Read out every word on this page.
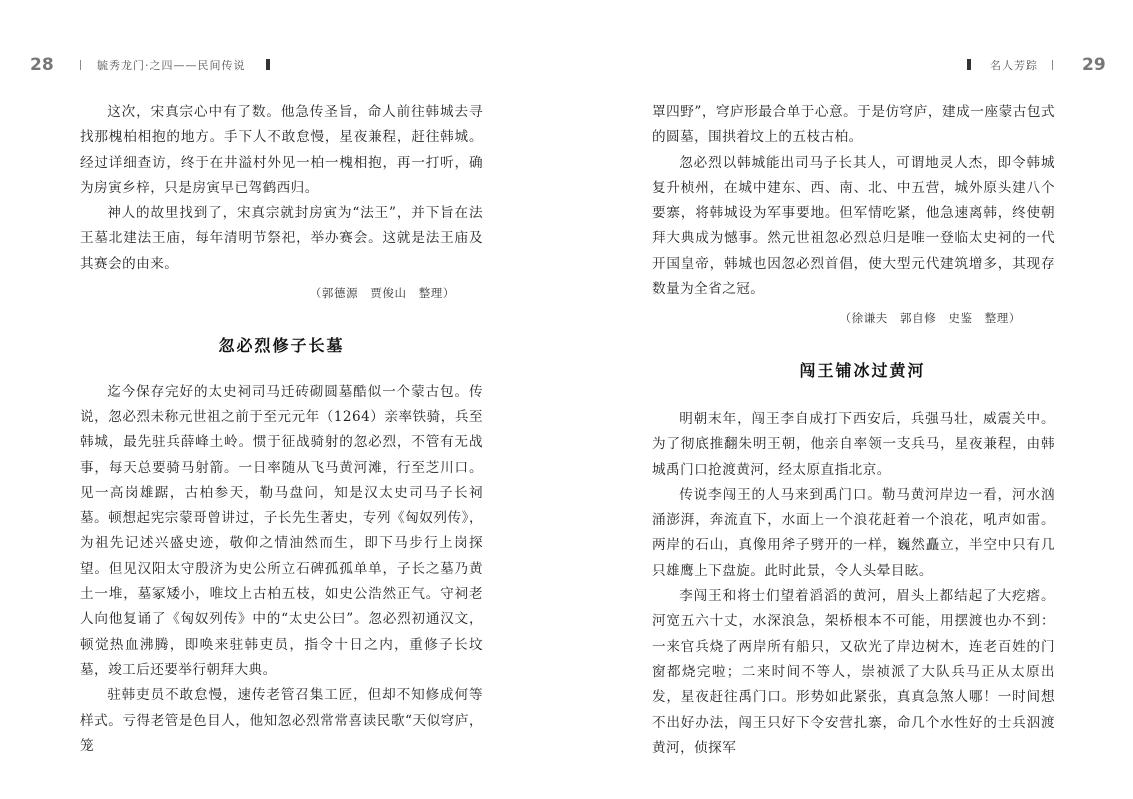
28	毓秀龙门·之四——民间传说	名人芳踪	29
这次，宋真宗心中有了数。他急传圣旨，命人前往韩城去寻找那槐柏相抱的地方。手下人不敢怠慢，星夜兼程，赶往韩城。经过详细查访，终于在井溢村外见一柏一槐相抱，再一打听，确为房寅乡梓，只是房寅早已驾鹤西归。
神人的故里找到了，宋真宗就封房寅为“法王”，并下旨在法王墓北建法王庙，每年清明节祭祀，举办赛会。这就是法王庙及其赛会的由来。
（郭德源　贾俊山　整理）
忽必烈修子长墓
迄今保存完好的太史祠司马迁砖砌圆墓酷似一个蒙古包。传说，忽必烈未称元世祖之前于至元元年（1264）亲率铁骑，兵至韩城，最先驻兵薛峰土岭。惯于征战骑射的忽必烈，不管有无战事，每天总要骑马射箭。一日率随从飞马黄河滩，行至芝川口。见一高岗雄踞，古柏参天，勒马盘问，知是汉太史司马子长祠墓。顿想起宪宗蒙哥曾讲过，子长先生著史，专列《匈奴列传》，为祖先记述兴盛史迹，敬仰之情油然而生，即下马步行上岗探望。但见汉阳太守殷济为史公所立石碑孤孤单单，子长之墓乃黄土一堆，墓冢矮小，唯坟上古柏五枝，如史公浩然正气。守祠老人向他复诵了《匈奴列传》中的“太史公曰”。忽必烈初通汉文，顿觉热血沸腾，即唤来驻韩吏员，指令十日之内，重修子长坟墓，竣工后还要举行朝拜大典。
驻韩吏员不敢怠慢，速传老管召集工匠，但却不知修成何等样式。亏得老管是色目人，他知忽必烈常常喜读民歌“天似穹庐，笼
罩四野”，穹庐形最合单于心意。于是仿穹庐，建成一座蒙古包式的圆墓，围拱着坟上的五枝古柏。
忽必烈以韩城能出司马子长其人，可谓地灵人杰，即令韩城复升桢州，在城中建东、西、南、北、中五营，城外原头建八个要寨，将韩城设为军事要地。但军情吃紧，他急速离韩，终使朝拜大典成为憾事。然元世祖忽必烈总归是唯一登临太史祠的一代开国皇帝，韩城也因忽必烈首倡，使大型元代建筑增多，其现存数量为全省之冠。
（徐谦夫　郭自修　史鉴　整理）
闯王铺冰过黄河
明朝末年，闯王李自成打下西安后，兵强马壮，威震关中。为了彻底推翻朱明王朝，他亲自率领一支兵马，星夜兼程，由韩城禹门口抢渡黄河，经太原直指北京。
传说李闯王的人马来到禹门口。勒马黄河岸边一看，河水汹涌澎湃，奔流直下，水面上一个浪花赶着一个浪花，吼声如雷。两岸的石山，真像用斧子劈开的一样，巍然矗立，半空中只有几只雄鹰上下盘旋。此时此景，令人头晕目眩。
李闯王和将士们望着滔滔的黄河，眉头上都结起了大疙瘩。河宽五六十丈，水深浪急，架桥根本不可能，用摆渡也办不到：一来官兵烧了两岸所有船只，又砍光了岸边树木，连老百姓的门窗都烧完啦；二来时间不等人，崇祯派了大队兵马正从太原出发，星夜赶往禹门口。形势如此紧张，真真急煞人哪！一时间想不出好办法，闯王只好下令安营扎寨，命几个水性好的士兵泅渡黄河，侦探军
